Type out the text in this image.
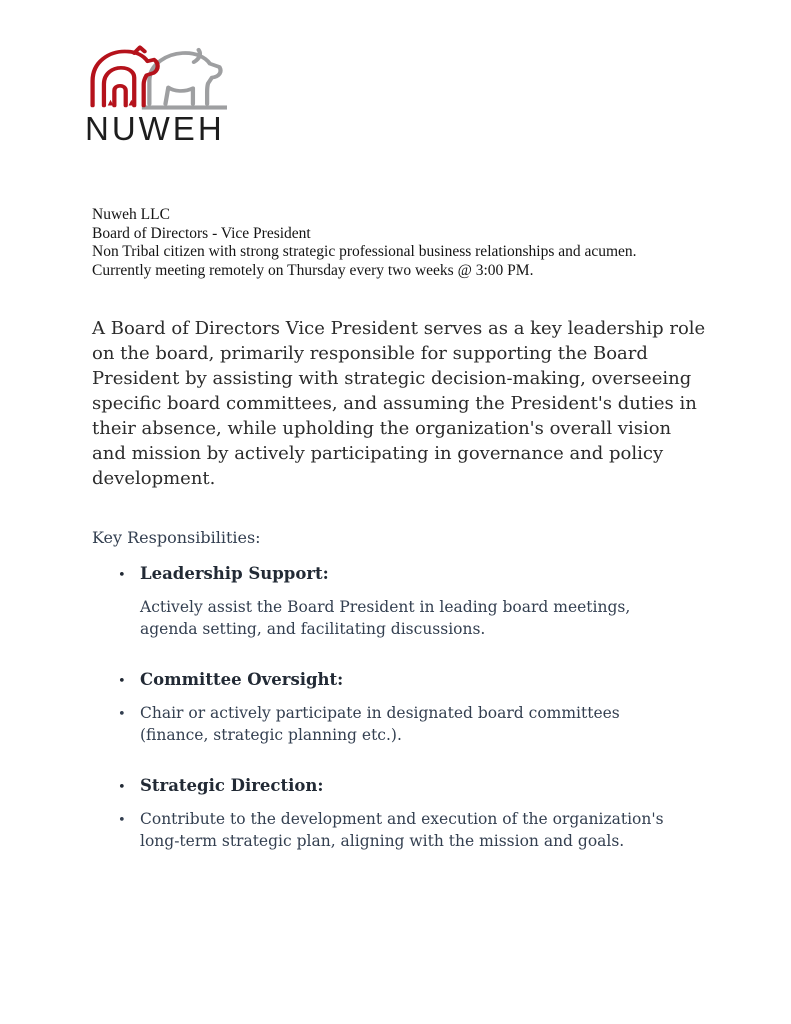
NUWEH
Nuweh LLC
Board of Directors - Vice President
Non Tribal citizen with strong strategic professional business relationships and acumen.
Currently meeting remotely on Thursday every two weeks @ 3:00 PM.
A Board of Directors Vice President serves as a key leadership role on the board, primarily responsible for supporting the Board President by assisting with strategic decision-making, overseeing specific board committees, and assuming the President's duties in their absence, while upholding the organization's overall vision and mission by actively participating in governance and policy development.
Key Responsibilities:
• Leadership Support:
Actively assist the Board President in leading board meetings, agenda setting, and facilitating discussions.
• Committee Oversight:
• Chair or actively participate in designated board committees (finance, strategic planning etc.).
• Strategic Direction:
• Contribute to the development and execution of the organization's long-term strategic plan, aligning with the mission and goals.
